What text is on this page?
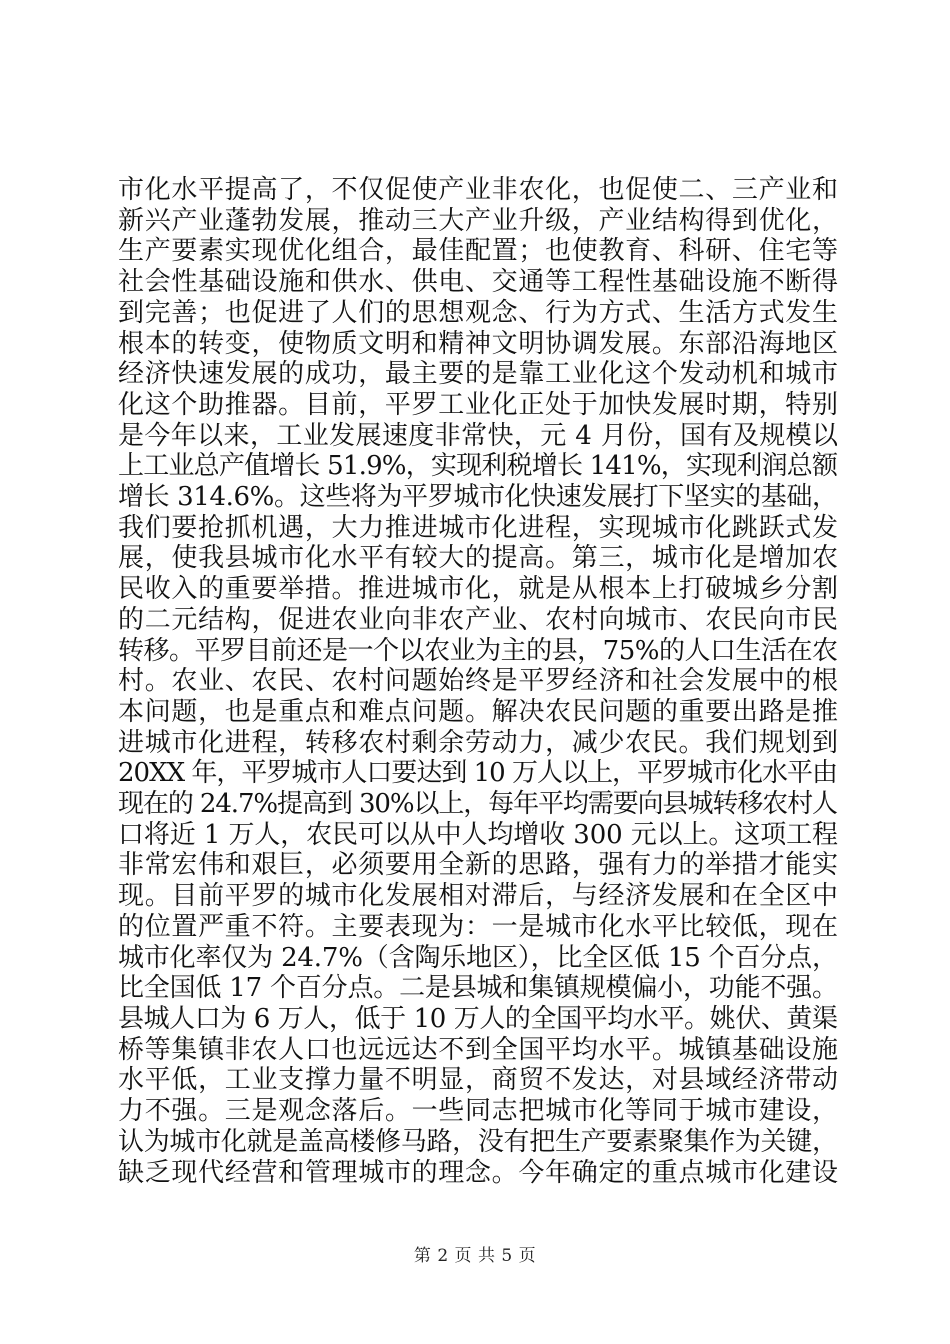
市化水平提高了，不仅促使产业非农化，也促使二、三产业和
新兴产业蓬勃发展，推动三大产业升级，产业结构得到优化，
生产要素实现优化组合，最佳配置；也使教育、科研、住宅等
社会性基础设施和供水、供电、交通等工程性基础设施不断得
到完善；也促进了人们的思想观念、行为方式、生活方式发生
根本的转变，使物质文明和精神文明协调发展。东部沿海地区
经济快速发展的成功，最主要的是靠工业化这个发动机和城市
化这个助推器。目前，平罗工业化正处于加快发展时期，特别
是今年以来，工业发展速度非常快，元 4 月份，国有及规模以
上工业总产值增长 51.9%，实现利税增长 141%，实现利润总额
增长 314.6%。这些将为平罗城市化快速发展打下坚实的基础，
我们要抢抓机遇，大力推进城市化进程，实现城市化跳跃式发
展，使我县城市化水平有较大的提高。第三，城市化是增加农
民收入的重要举措。推进城市化，就是从根本上打破城乡分割
的二元结构，促进农业向非农产业、农村向城市、农民向市民
转移。平罗目前还是一个以农业为主的县，75%的人口生活在农
村。农业、农民、农村问题始终是平罗经济和社会发展中的根
本问题，也是重点和难点问题。解决农民问题的重要出路是推
进城市化进程，转移农村剩余劳动力，减少农民。我们规划到
20XX 年，平罗城市人口要达到 10 万人以上，平罗城市化水平由
现在的 24.7%提高到 30%以上，每年平均需要向县城转移农村人
口将近 1 万人，农民可以从中人均增收 300 元以上。这项工程
非常宏伟和艰巨，必须要用全新的思路，强有力的举措才能实
现。目前平罗的城市化发展相对滞后，与经济发展和在全区中
的位置严重不符。主要表现为：一是城市化水平比较低，现在
城市化率仅为 24.7%（含陶乐地区），比全区低 15 个百分点，
比全国低 17 个百分点。二是县城和集镇规模偏小，功能不强。
县城人口为 6 万人，低于 10 万人的全国平均水平。姚伏、黄渠
桥等集镇非农人口也远远达不到全国平均水平。城镇基础设施
水平低，工业支撑力量不明显，商贸不发达，对县域经济带动
力不强。三是观念落后。一些同志把城市化等同于城市建设，
认为城市化就是盖高楼修马路，没有把生产要素聚集作为关键，
缺乏现代经营和管理城市的理念。今年确定的重点城市化建设
第 2 页 共 5 页
